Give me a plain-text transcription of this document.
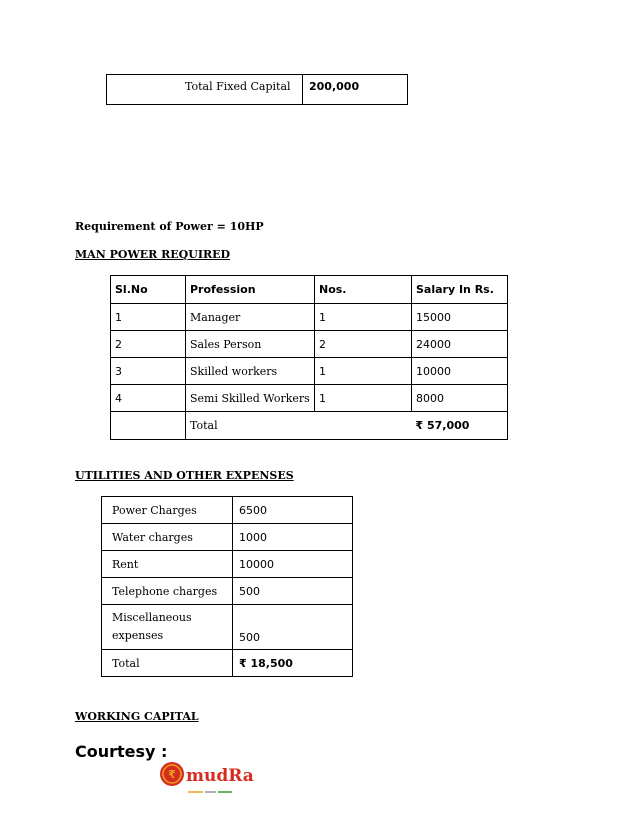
Total Fixed Capital	200,000

Requirement of Power = 10HP

MAN POWER REQUIRED

Sl.No	Profession	Nos.	Salary In Rs.
1	Manager	1	15000
2	Sales Person	2	24000
3	Skilled workers	1	10000
4	Semi Skilled Workers	1	8000
	Total		₹ 57,000

UTILITIES AND OTHER EXPENSES

Power Charges	6500
Water charges	1000
Rent	10000
Telephone charges	500
Miscellaneous
expenses	500
Total	₹ 18,500

WORKING CAPITAL

Courtesy :

₹ mudRa
